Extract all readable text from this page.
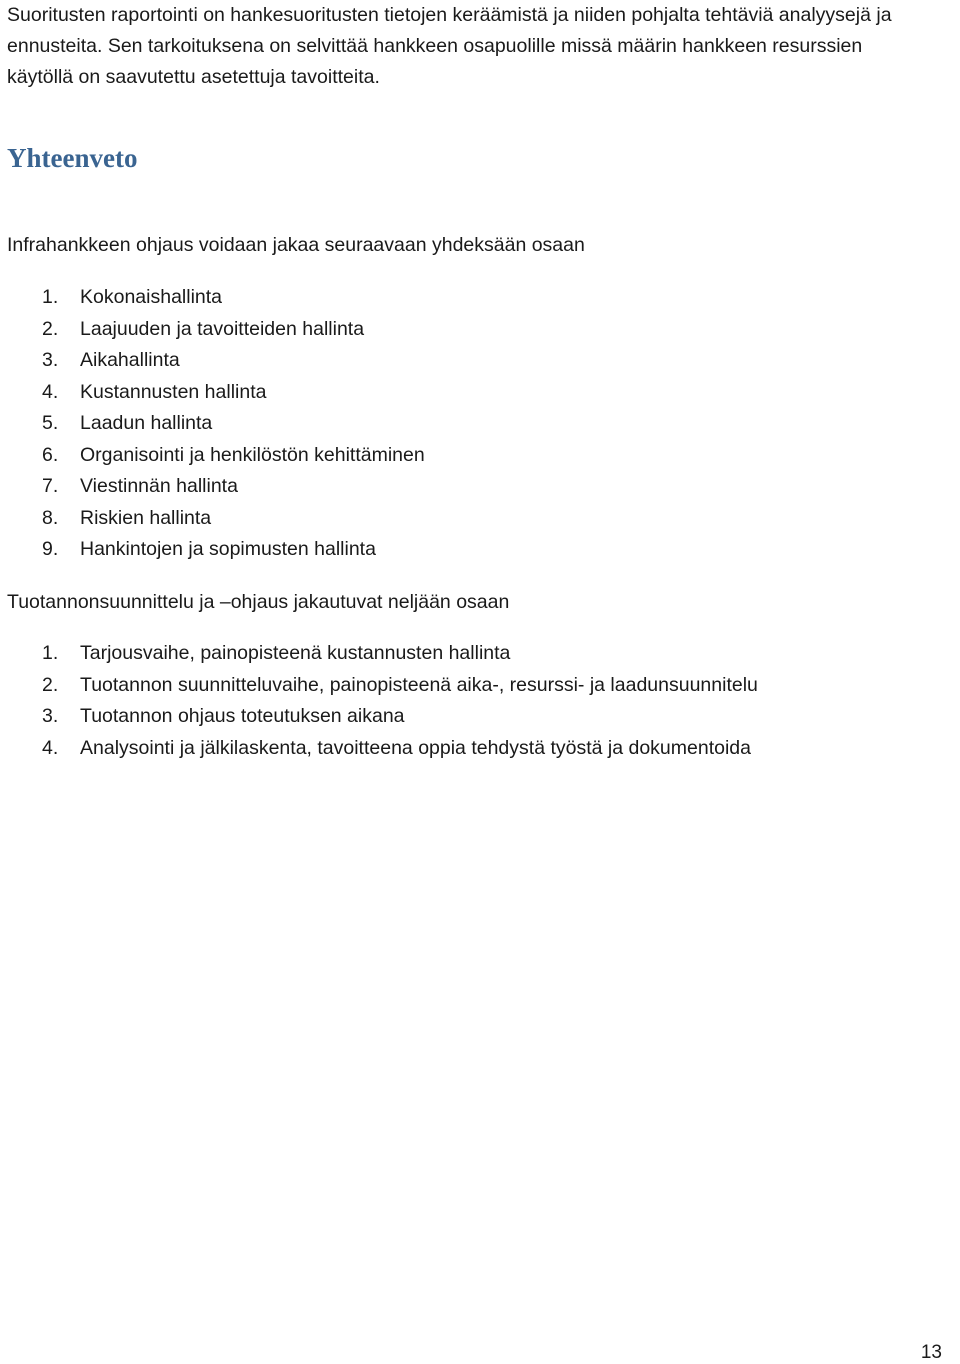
Suoritusten raportointi on hankesuoritusten tietojen keräämistä ja niiden pohjalta tehtäviä analyysejä ja

ennusteita. Sen tarkoituksena on selvittää hankkeen osapuolille missä määrin hankkeen resurssien

käytöllä on saavutettu asetettuja tavoitteita.

Yhteenveto

Infrahankkeen ohjaus voidaan jakaa seuraavaan yhdeksään osaan

1. Kokonaishallinta
2. Laajuuden ja tavoitteiden hallinta
3. Aikahallinta
4. Kustannusten hallinta
5. Laadun hallinta
6. Organisointi ja henkilöstön kehittäminen
7. Viestinnän hallinta
8. Riskien hallinta
9. Hankintojen ja sopimusten hallinta

Tuotannonsuunnittelu ja –ohjaus jakautuvat neljään osaan

1. Tarjousvaihe, painopisteenä kustannusten hallinta
2. Tuotannon suunnitteluvaihe, painopisteenä aika-, resurssi- ja laadunsuunnitelu
3. Tuotannon ohjaus toteutuksen aikana
4. Analysointi ja jälkilaskenta, tavoitteena oppia tehdystä työstä ja dokumentoida
13
